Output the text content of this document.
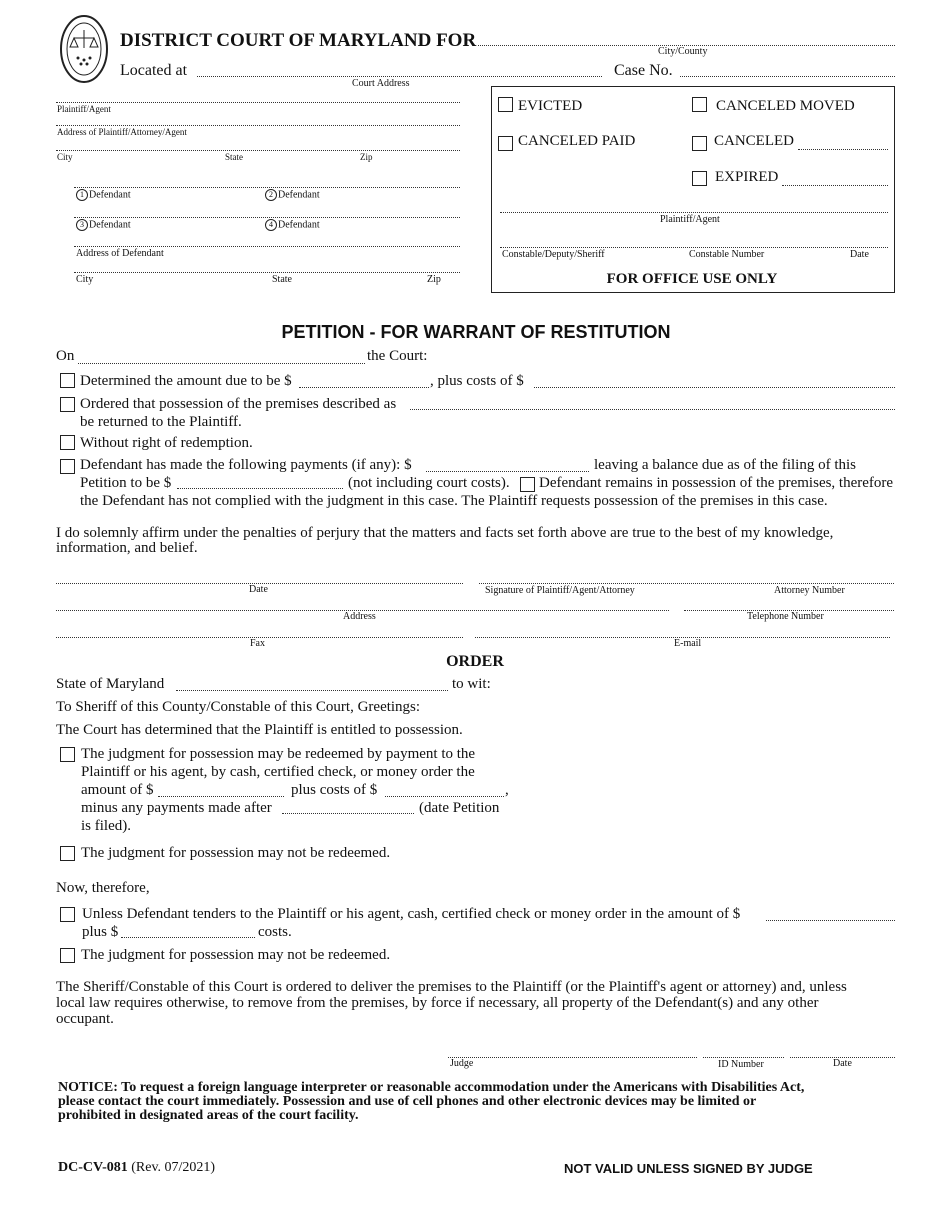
DISTRICT COURT OF MARYLAND FOR
City/County
Located at
Court Address
Case No.
Plaintiff/Agent
Address of Plaintiff/Attorney/Agent
City	State	Zip
1 Defendant	2 Defendant
3 Defendant	4 Defendant
Address of Defendant
City	State	Zip
EVICTED	CANCELED MOVED
CANCELED PAID	CANCELED
EXPIRED
Plaintiff/Agent
Constable/Deputy/Sheriff	Constable Number	Date
FOR OFFICE USE ONLY
PETITION - FOR WARRANT OF RESTITUTION
On	the Court:
Determined the amount due to be $	, plus costs of $
Ordered that possession of the premises described as
be returned to the Plaintiff.
Without right of redemption.
Defendant has made the following payments (if any): $	leaving a balance due as of the filing of this
Petition to be $	(not including court costs). Defendant remains in possession of the premises, therefore
the Defendant has not complied with the judgment in this case. The Plaintiff requests possession of the premises in this case.
I do solemnly affirm under the penalties of perjury that the matters and facts set forth above are true to the best of my knowledge,
information, and belief.
Date	Signature of Plaintiff/Agent/Attorney	Attorney Number
Address	Telephone Number
Fax	E-mail
ORDER
State of Maryland	to wit:
To Sheriff of this County/Constable of this Court, Greetings:
The Court has determined that the Plaintiff is entitled to possession.
The judgment for possession may be redeemed by payment to the
Plaintiff or his agent, by cash, certified check, or money order the
amount of $	plus costs of $	,
minus any payments made after	(date Petition
is filed).
The judgment for possession may not be redeemed.
Now, therefore,
Unless Defendant tenders to the Plaintiff or his agent, cash, certified check or money order in the amount of $
plus $	costs.
The judgment for possession may not be redeemed.
The Sheriff/Constable of this Court is ordered to deliver the premises to the Plaintiff (or the Plaintiff's agent or attorney) and, unless
local law requires otherwise, to remove from the premises, by force if necessary, all property of the Defendant(s) and any other
occupant.
Judge	ID Number	Date
NOTICE: To request a foreign language interpreter or reasonable accommodation under the Americans with Disabilities Act,
please contact the court immediately. Possession and use of cell phones and other electronic devices may be limited or
prohibited in designated areas of the court facility.
DC-CV-081 (Rev. 07/2021)	NOT VALID UNLESS SIGNED BY JUDGE
